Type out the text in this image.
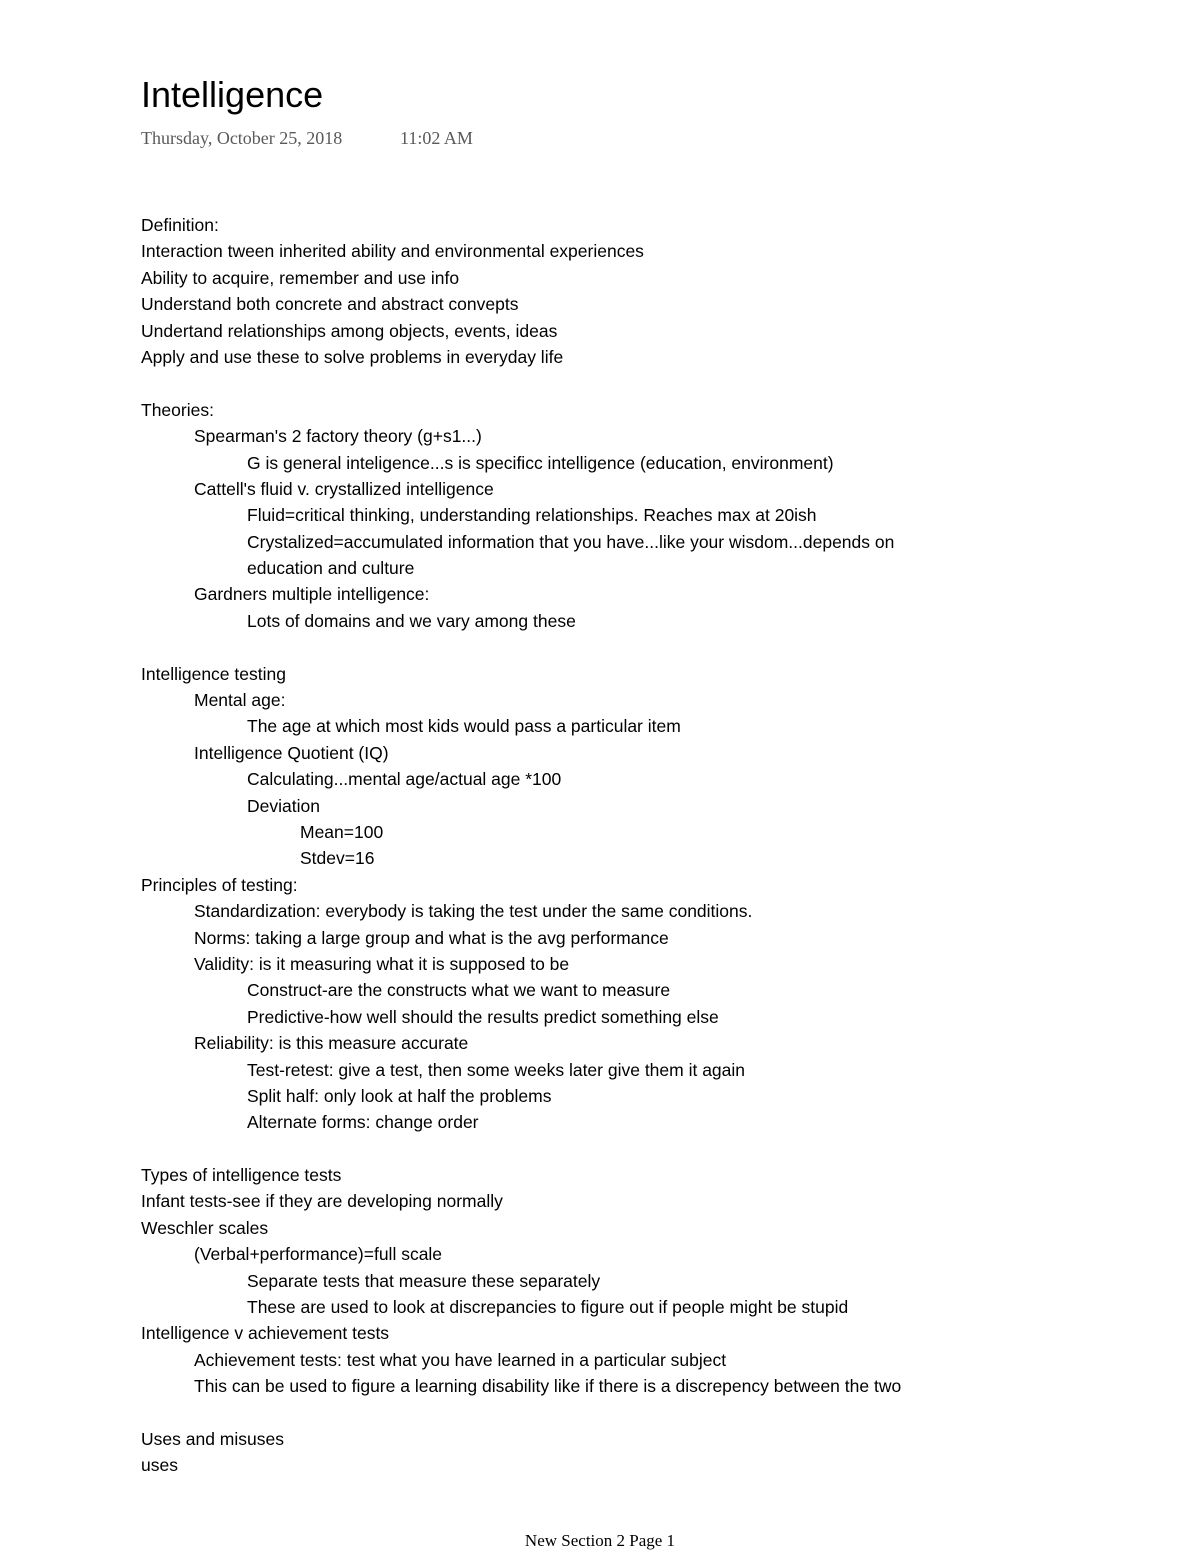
Intelligence
Thursday, October 25, 2018	11:02 AM
Definition:
Interaction tween inherited ability and environmental experiences
Ability to acquire, remember and use info
Understand both concrete and abstract convepts
Undertand relationships among objects, events, ideas
Apply and use these to solve problems in everyday life
Theories:
Spearman's 2 factory theory (g+s1...)
G is general inteligence...s is specificc intelligence (education, environment)
Cattell's fluid v. crystallized intelligence
Fluid=critical thinking, understanding relationships. Reaches max at 20ish
Crystalized=accumulated information that you have...like your wisdom...depends on
education and culture
Gardners multiple intelligence:
Lots of domains and we vary among these
Intelligence testing
Mental age:
The age at which most kids would pass a particular item
Intelligence Quotient (IQ)
Calculating...mental age/actual age *100
Deviation
Mean=100
Stdev=16
Principles of testing:
Standardization: everybody is taking the test under the same conditions.
Norms: taking a large group and what is the avg performance
Validity: is it measuring what it is supposed to be
Construct-are the constructs what we want to measure
Predictive-how well should the results predict something else
Reliability: is this measure accurate
Test-retest: give a test, then some weeks later give them it again
Split half: only look at half the problems
Alternate forms: change order
Types of intelligence tests
Infant tests-see if they are developing normally
Weschler scales
(Verbal+performance)=full scale
Separate tests that measure these separately
These are used to look at discrepancies to figure out if people might be stupid
Intelligence v achievement tests
Achievement tests: test what you have learned in a particular subject
This can be used to figure a learning disability like if there is a discrepency between the two
Uses and misuses
uses
New Section 2 Page 1
